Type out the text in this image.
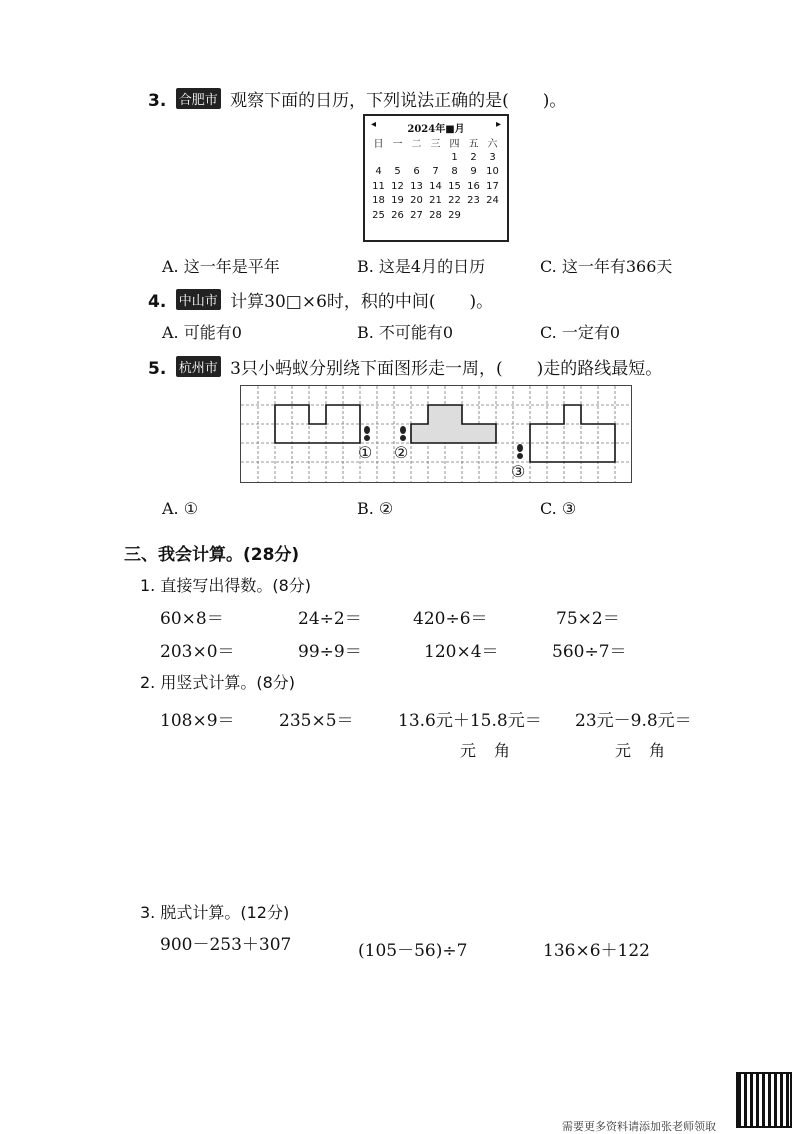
3. 合肥市 观察下面的日历，下列说法正确的是( )。
◂	2024年■月	▸
日	一	二	三	四	五	六
				1	2	3
4	5	6	7	8	9	10
11	12	13	14	15	16	17
18	19	20	21	22	23	24
25	26	27	28	29		
A. 这一年是平年	B. 这是4月的日历	C. 这一年有366天
4. 中山市 计算30□×6时，积的中间( )。
A. 可能有0	B. 不可能有0	C. 一定有0
5. 杭州市 3只小蚂蚁分别绕下面图形走一周，( )走的路线最短。
① ②
③
A. ①	B. ②	C. ③
三、我会计算。(28分)
1. 直接写出得数。(8分)
60×8＝	24÷2＝	420÷6＝	75×2＝
203×0＝	99÷9＝	120×4＝	560÷7＝
2. 用竖式计算。(8分)
108×9＝	235×5＝	13.6元＋15.8元＝ 23元－9.8元＝
元角	元角
3. 脱式计算。(12分)
900－253＋307	(105－56)÷7	136×6＋122
需要更多资料请添加张老师领取
